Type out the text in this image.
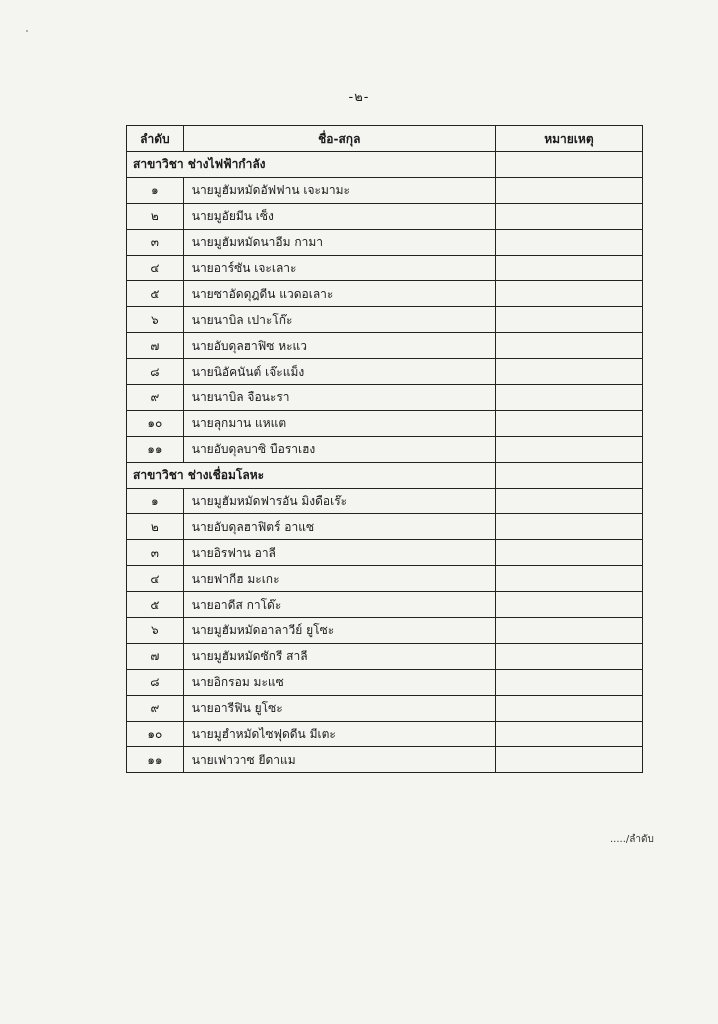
-๒-
ลำดับ	ชื่อ-สกุล	หมายเหตุ
สาขาวิชา ช่างไฟฟ้ากำลัง		
๑	นายมูฮัมหมัดอัฟฟาน เจะมามะ	
๒	นายมูอัยมีน เซ็ง	
๓	นายมูฮัมหมัดนาอีม กามา	
๔	นายอาร์ซัน เจะเลาะ	
๕	นายซาอัดดุฎดีน แวดอเลาะ	
๖	นายนาบิล เปาะโก๊ะ	
๗	นายอับดุลฮาฟิซ หะแว	
๘	นายนิอัคนันต์ เจ๊ะแม็ง	
๙	นายนาบิล จือนะรา	
๑๐	นายลุกมาน แหแต	
๑๑	นายอับดุลบาซิ บือราเฮง	
สาขาวิชา ช่างเชื่อมโลหะ		
๑	นายมูฮัมหมัดฟารอัน มิงดือเร๊ะ	
๒	นายอับดุลฮาฟิตร์ อาแซ	
๓	นายอิรฟาน อาลี	
๔	นายฟากีฮ มะเกะ	
๕	นายอาดีส กาโด๊ะ	
๖	นายมูฮัมหมัดอาลาวีย์ ยูโซะ	
๗	นายมูฮัมหมัดซักรี สาลี	
๘	นายอิกรอม มะแซ	
๙	นายอารีฟิน ยูโซะ	
๑๐	นายมูฮำหมัดไซฟุดดีน มีเตะ	
๑๑	นายเฟาวาซ ยีดาแม	
...../ลำดับ
